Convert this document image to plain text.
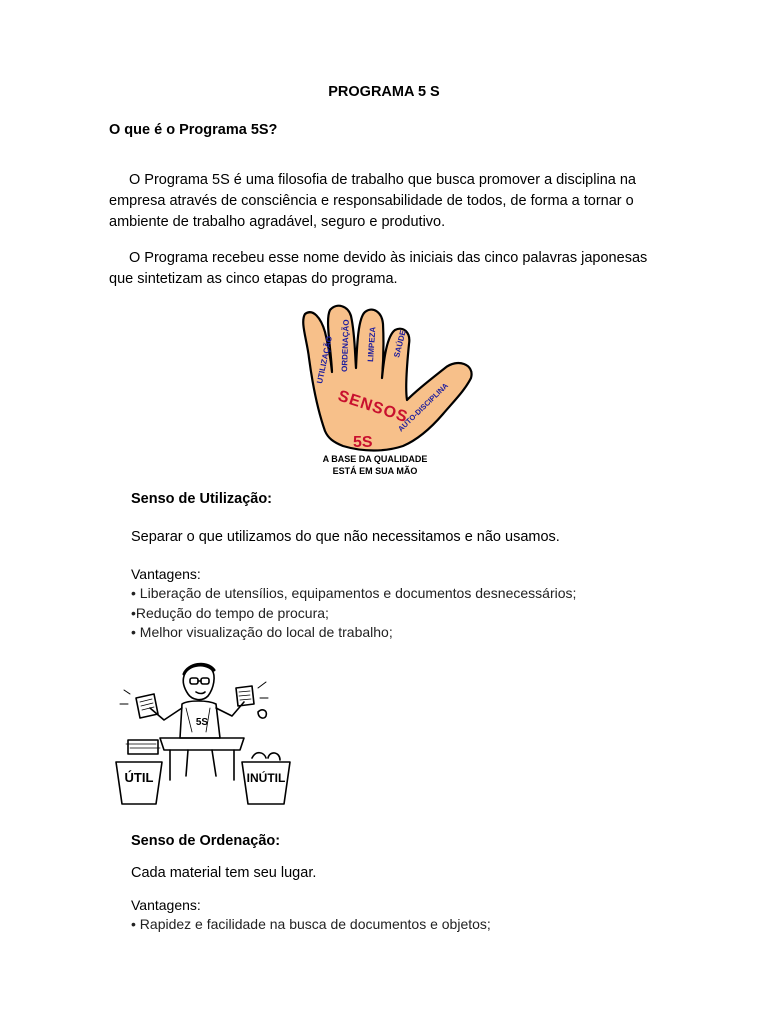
PROGRAMA 5 S
O que é o Programa 5S?

O Programa 5S é uma filosofia de trabalho que busca promover a disciplina na empresa através de consciência e responsabilidade de todos, de forma a tornar o ambiente de trabalho agradável, seguro e produtivo.

O Programa recebeu esse nome devido às iniciais das cinco palavras japonesas que sintetizam as cinco etapas do programa.

UTILIZAÇÃO ORDENAÇÃO LIMPEZA SAÚDE
AUTO-DISCIPLINA
SENSOS
5S
A BASE DA QUALIDADE
ESTÁ EM SUA MÃO
Senso de Utilização:
Separar o que utilizamos do que não necessitamos e não usamos.
Vantagens:
• Liberação de utensílios, equipamentos e documentos desnecessários;
•Redução do tempo de procura;
• Melhor visualização do local de trabalho;
5S
ÚTIL	INÚTIL
Senso de Ordenação:
Cada material tem seu lugar.
Vantagens:
• Rapidez e facilidade na busca de documentos e objetos;
